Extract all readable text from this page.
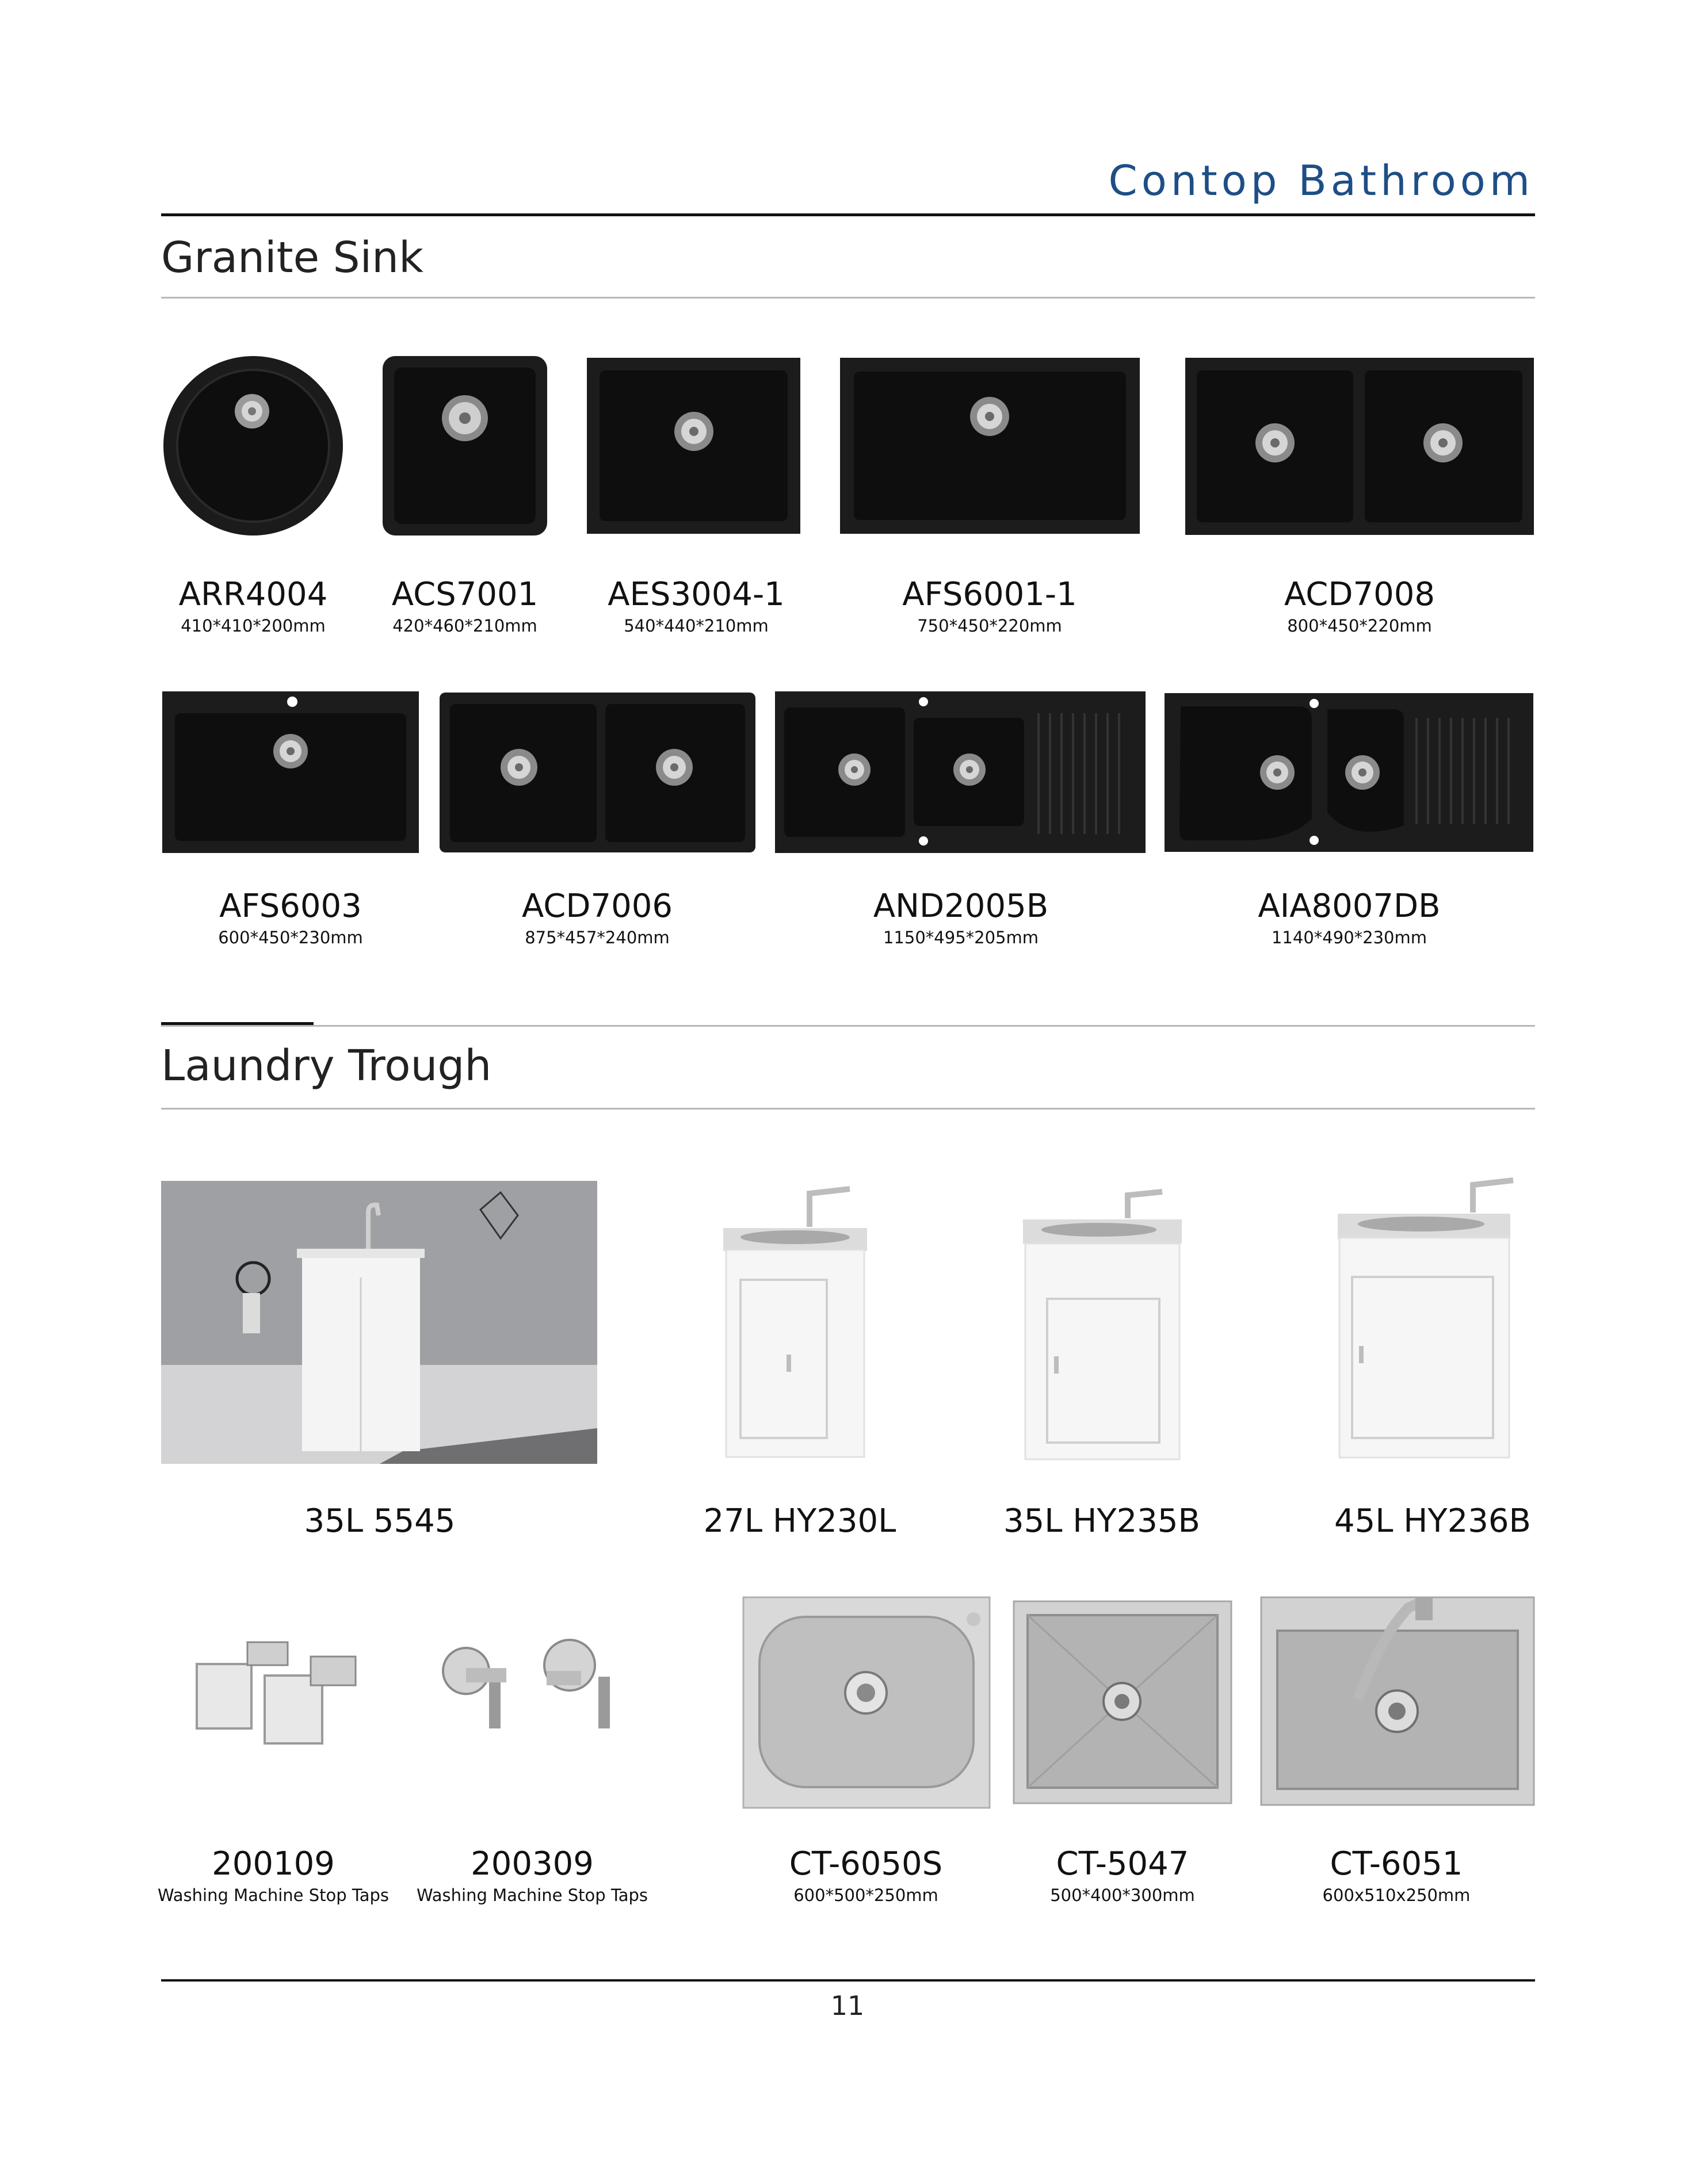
Contop Bathroom
Granite Sink
ARR4004
410*410*200mm
ACS7001
420*460*210mm
AES3004-1
540*440*210mm
AFS6001-1
750*450*220mm
ACD7008
800*450*220mm
AFS6003
600*450*230mm
ACD7006
875*457*240mm
AND2005B
1150*495*205mm
AIA8007DB
1140*490*230mm
Laundry Trough
35L 5545	27L HY230L	35L HY235B	45L HY236B
200109
Washing Machine Stop Taps
200309
Washing Machine Stop Taps
CT-6050S
600*500*250mm
CT-5047
500*400*300mm
CT-6051
600x510x250mm
11
